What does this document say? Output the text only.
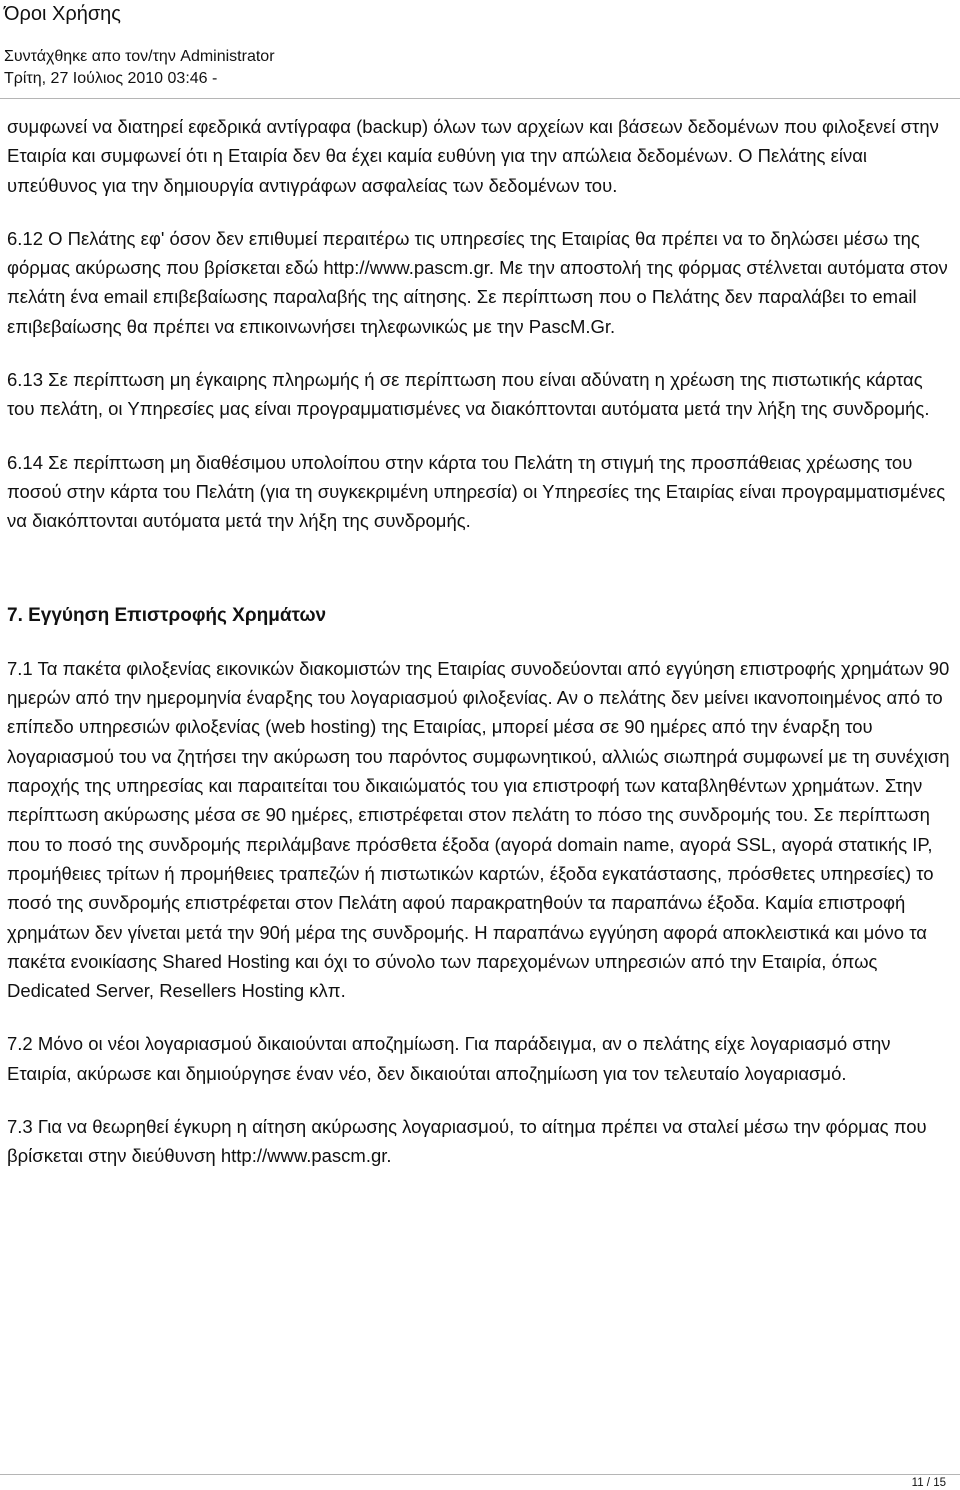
Όροι Χρήσης
Συντάχθηκε απο τον/την Administrator
Τρίτη, 27 Ιούλιος 2010 03:46 -

συμφωνεί να διατηρεί εφεδρικά αντίγραφα (backup) όλων των αρχείων και βάσεων δεδομένων που φιλοξενεί στην Εταιρία και συμφωνεί ότι η Εταιρία δεν θα έχει καμία ευθύνη για την απώλεια δεδομένων. Ο Πελάτης είναι υπεύθυνος για την δημιουργία αντιγράφων ασφαλείας των δεδομένων του.

6.12 Ο Πελάτης εφ' όσον δεν επιθυμεί περαιτέρω τις υπηρεσίες της Εταιρίας θα πρέπει να το δηλώσει μέσω της φόρμας ακύρωσης που βρίσκεται εδώ http://www.pascm.gr. Με την αποστολή της φόρμας στέλνεται αυτόματα στον πελάτη ένα email επιβεβαίωσης παραλαβής της αίτησης. Σε περίπτωση που ο Πελάτης δεν παραλάβει το email επιβεβαίωσης θα πρέπει να επικοινωνήσει τηλεφωνικώς με την PascM.Gr.

6.13 Σε περίπτωση μη έγκαιρης πληρωμής ή σε περίπτωση που είναι αδύνατη η χρέωση της πιστωτικής κάρτας του πελάτη, οι Υπηρεσίες μας είναι προγραμματισμένες να διακόπτονται αυτόματα μετά την λήξη της συνδρομής.

6.14 Σε περίπτωση μη διαθέσιμου υπολοίπου στην κάρτα του Πελάτη τη στιγμή της προσπάθειας χρέωσης του ποσού στην κάρτα του Πελάτη (για τη συγκεκριμένη υπηρεσία) οι Υπηρεσίες της Εταιρίας είναι προγραμματισμένες να διακόπτονται αυτόματα μετά την λήξη της συνδρομής.

7. Εγγύηση Επιστροφής Χρημάτων

7.1 Τα πακέτα φιλοξενίας εικονικών διακομιστών της Εταιρίας συνοδεύονται από εγγύηση επιστροφής χρημάτων 90 ημερών από την ημερομηνία έναρξης του λογαριασμού φιλοξενίας. Αν ο πελάτης δεν μείνει ικανοποιημένος από το επίπεδο υπηρεσιών φιλοξενίας (web hosting) της Εταιρίας, μπορεί μέσα σε 90 ημέρες από την έναρξη του λογαριασμού του να ζητήσει την ακύρωση του παρόντος συμφωνητικού, αλλιώς σιωπηρά συμφωνεί με τη συνέχιση παροχής της υπηρεσίας και παραιτείται του δικαιώματός του για επιστροφή των καταβληθέντων χρημάτων. Στην περίπτωση ακύρωσης μέσα σε 90 ημέρες, επιστρέφεται στον πελάτη το πόσο της συνδρομής του. Σε περίπτωση που το ποσό της συνδρομής περιλάμβανε πρόσθετα έξοδα (αγορά domain name, αγορά SSL, αγορά στατικής IP, προμήθειες τρίτων ή προμήθειες τραπεζών ή πιστωτικών καρτών, έξοδα εγκατάστασης, πρόσθετες υπηρεσίες) το ποσό της συνδρομής επιστρέφεται στον Πελάτη αφού παρακρατηθούν τα παραπάνω έξοδα. Καμία επιστροφή χρημάτων δεν γίνεται μετά την 90ή μέρα της συνδρομής. Η παραπάνω εγγύηση αφορά αποκλειστικά και μόνο τα πακέτα ενοικίασης Shared Hosting και όχι το σύνολο των παρεχομένων υπηρεσιών από την Εταιρία, όπως Dedicated Server, Resellers Hosting κλπ.

7.2 Μόνο οι νέοι λογαριασμού δικαιούνται αποζημίωση. Για παράδειγμα, αν ο πελάτης είχε λογαριασμό στην Εταιρία, ακύρωσε και δημιούργησε έναν νέο, δεν δικαιούται αποζημίωση για τον τελευταίο λογαριασμό.

7.3 Για να θεωρηθεί έγκυρη η αίτηση ακύρωσης λογαριασμού, το αίτημα πρέπει να σταλεί μέσω την φόρμας που βρίσκεται στην διεύθυνση http://www.pascm.gr.

11 / 15
